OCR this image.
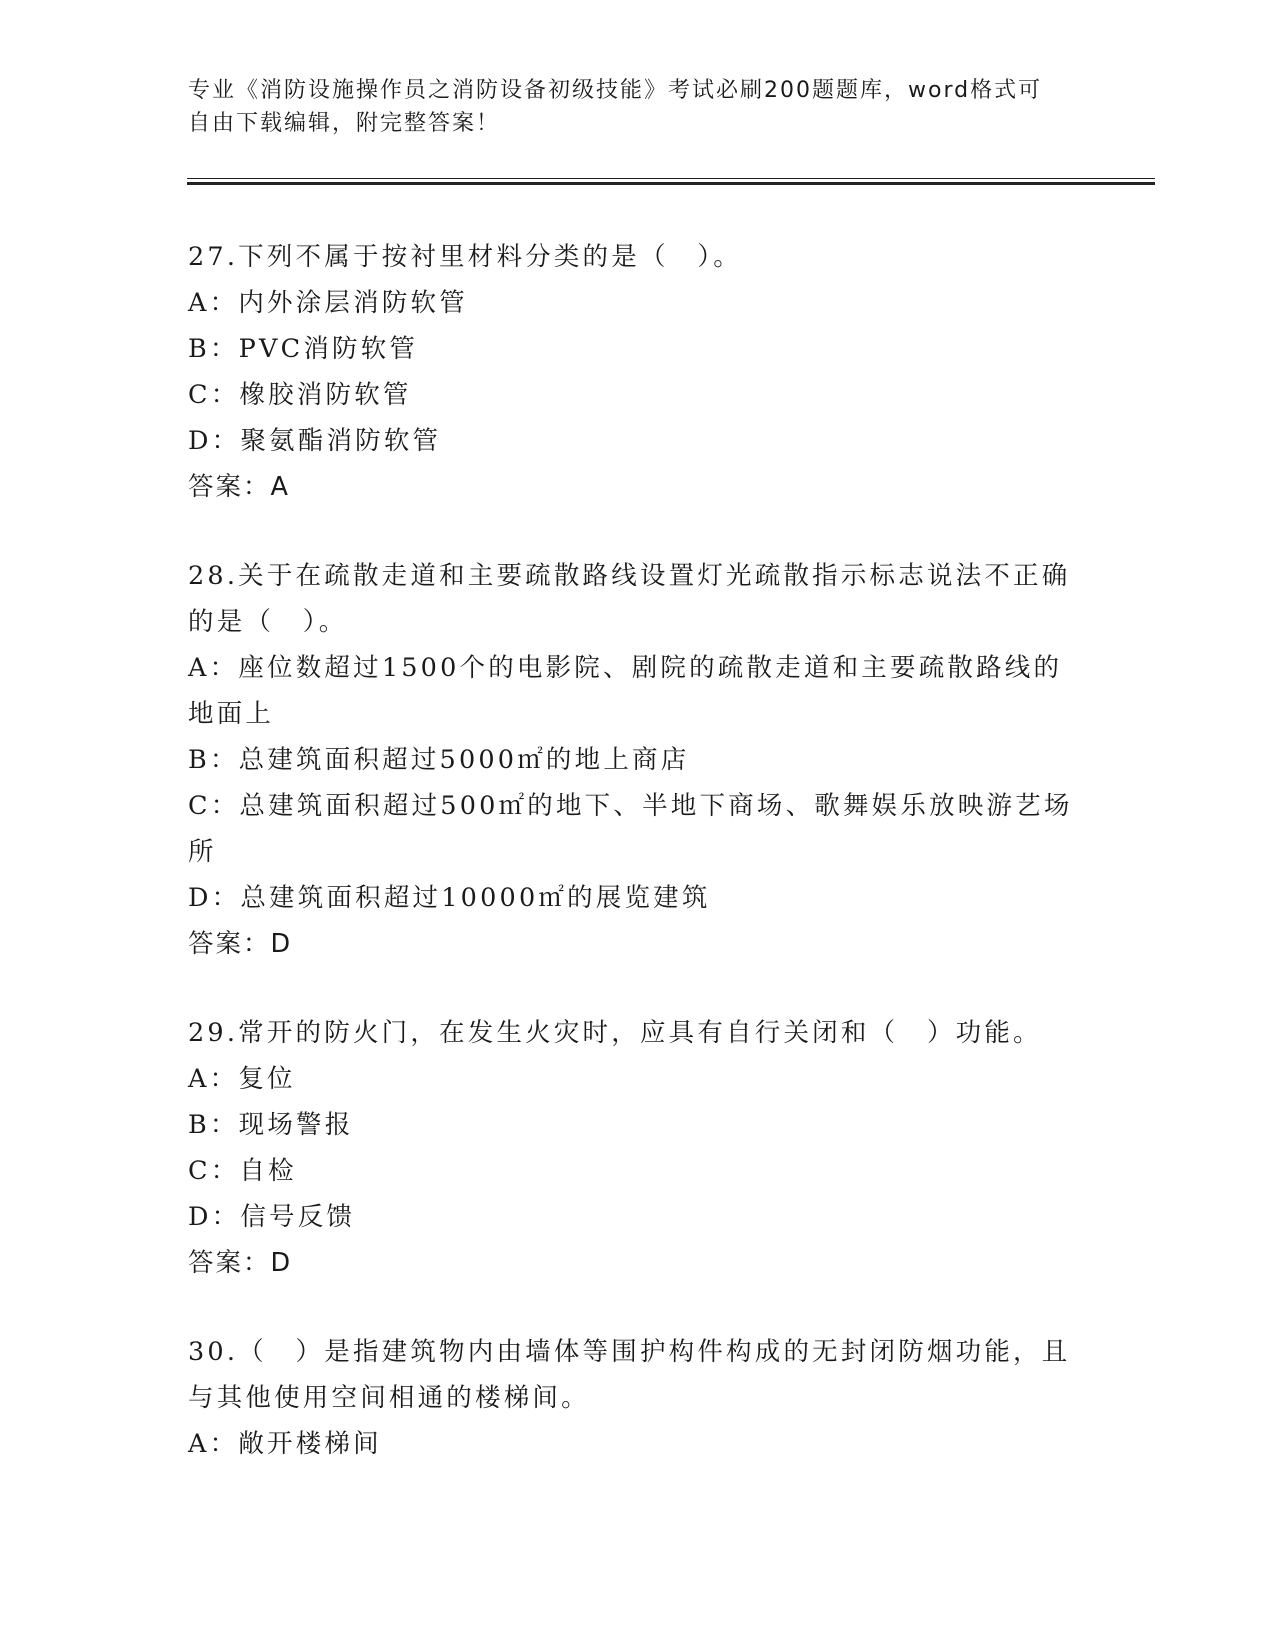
专业《消防设施操作员之消防设备初级技能》考试必刷200题题库，word格式可
自由下载编辑，附完整答案！
27.下列不属于按衬里材料分类的是（　）。
A：内外涂层消防软管
B：PVC消防软管
C：橡胶消防软管
D：聚氨酯消防软管
答案：A
28.关于在疏散走道和主要疏散路线设置灯光疏散指示标志说法不正确
的是（　）。
A：座位数超过1500个的电影院、剧院的疏散走道和主要疏散路线的
地面上
B：总建筑面积超过5000㎡的地上商店
C：总建筑面积超过500㎡的地下、半地下商场、歌舞娱乐放映游艺场
所
D：总建筑面积超过10000㎡的展览建筑
答案：D
29.常开的防火门，在发生火灾时，应具有自行关闭和（　）功能。
A：复位
B：现场警报
C：自检
D：信号反馈
答案：D
30.（　）是指建筑物内由墙体等围护构件构成的无封闭防烟功能，且
与其他使用空间相通的楼梯间。
A：敞开楼梯间
